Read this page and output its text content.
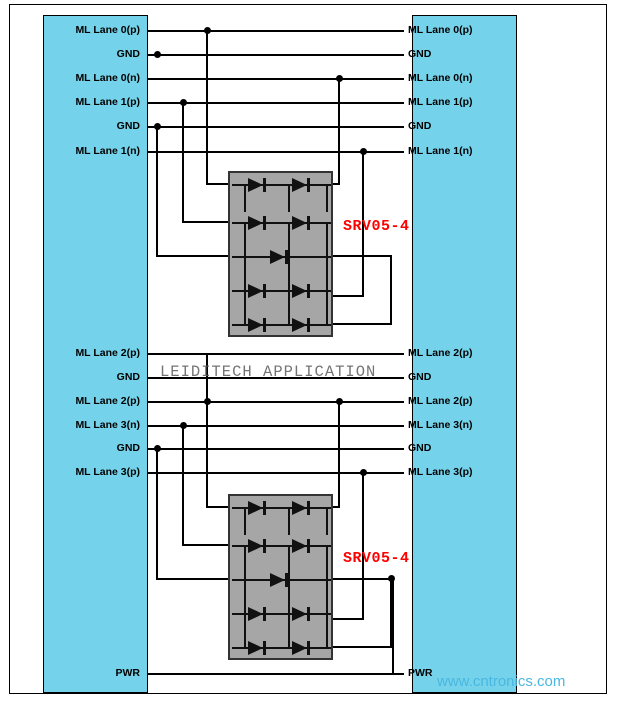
ML Lane 0(p)
GND
ML Lane 0(n)
ML Lane 1(p)
GND
ML Lane 1(n)
ML Lane 2(p)
GND
ML Lane 2(p)
ML Lane 3(n)
GND
ML Lane 3(p)
PWR
ML Lane 0(p)
GND
ML Lane 0(n)
ML Lane 1(p)
GND
ML Lane 1(n)
ML Lane 2(p)
GND
ML Lane 2(p)
ML Lane 3(n)
GND
ML Lane 3(p)
PWR
SRV05-4
SRV05-4
LEIDITECH APPLICATION
www.cntronics.com
